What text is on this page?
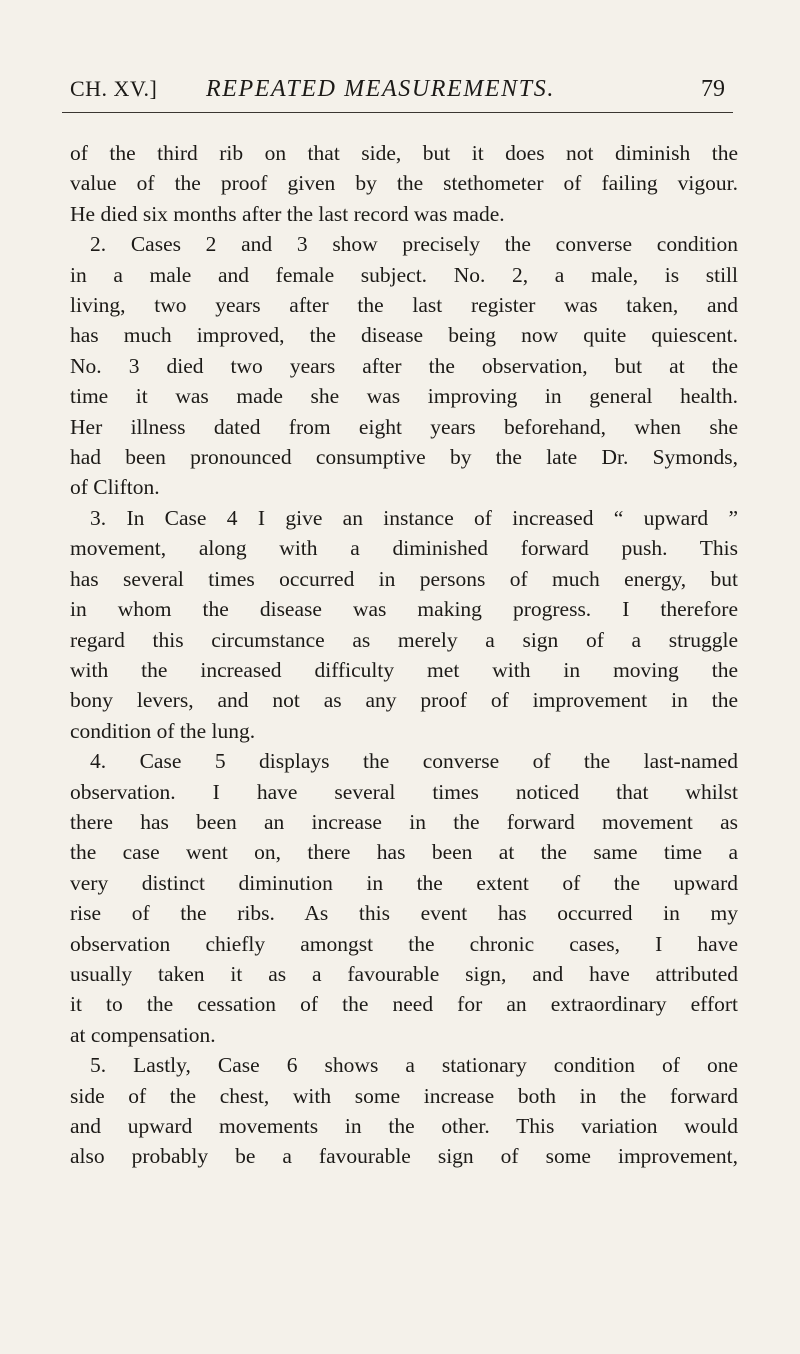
CH. XV.] REPEATED MEASUREMENTS.	79
of the third rib on that side, but it does not diminish the
value of the proof given by the stethometer of failing vigour.
He died six months after the last record was made.
2. Cases 2 and 3 show precisely the converse condition
in a male and female subject. No. 2, a male, is still
living, two years after the last register was taken, and
has much improved, the disease being now quite quiescent.
No. 3 died two years after the observation, but at the
time it was made she was improving in general health.
Her illness dated from eight years beforehand, when she
had been pronounced consumptive by the late Dr. Symonds,
of Clifton.
3. In Case 4 I give an instance of increased “ upward ”
movement, along with a diminished forward push. This
has several times occurred in persons of much energy, but
in whom the disease was making progress. I therefore
regard this circumstance as merely a sign of a struggle
with the increased difficulty met with in moving the
bony levers, and not as any proof of improvement in the
condition of the lung.
4. Case 5 displays the converse of the last-named
observation. I have several times noticed that whilst
there has been an increase in the forward movement as
the case went on, there has been at the same time a
very distinct diminution in the extent of the upward
rise of the ribs. As this event has occurred in my
observation chiefly amongst the chronic cases, I have
usually taken it as a favourable sign, and have attributed
it to the cessation of the need for an extraordinary effort
at compensation.
5. Lastly, Case 6 shows a stationary condition of one
side of the chest, with some increase both in the forward
and upward movements in the other. This variation would
also probably be a favourable sign of some improvement,
